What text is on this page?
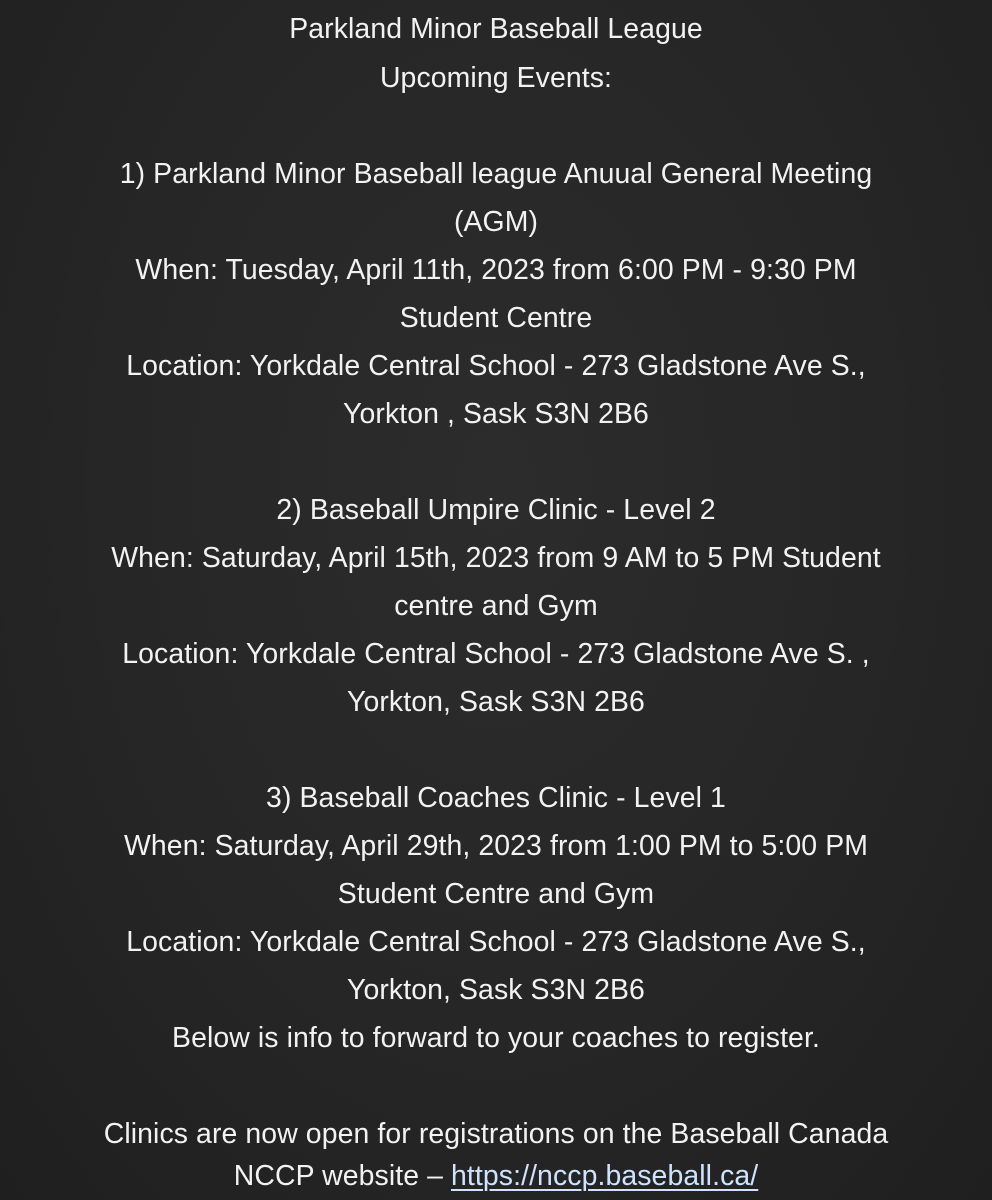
Parkland Minor Baseball League
Upcoming Events:
1) Parkland Minor Baseball league Anuual General Meeting
(AGM)
When: Tuesday, April 11th, 2023 from 6:00 PM - 9:30 PM
Student Centre
Location: Yorkdale Central School - 273 Gladstone Ave S.,
Yorkton , Sask S3N 2B6
2) Baseball Umpire Clinic - Level 2
When: Saturday, April 15th, 2023 from 9 AM to 5 PM Student
centre and Gym
Location: Yorkdale Central School - 273 Gladstone Ave S. ,
Yorkton, Sask S3N 2B6
3) Baseball Coaches Clinic - Level 1
When: Saturday, April 29th, 2023 from 1:00 PM to 5:00 PM
Student Centre and Gym
Location: Yorkdale Central School - 273 Gladstone Ave S.,
Yorkton, Sask S3N 2B6
Below is info to forward to your coaches to register.
Clinics are now open for registrations on the Baseball Canada
NCCP website – https://nccp.baseball.ca/
